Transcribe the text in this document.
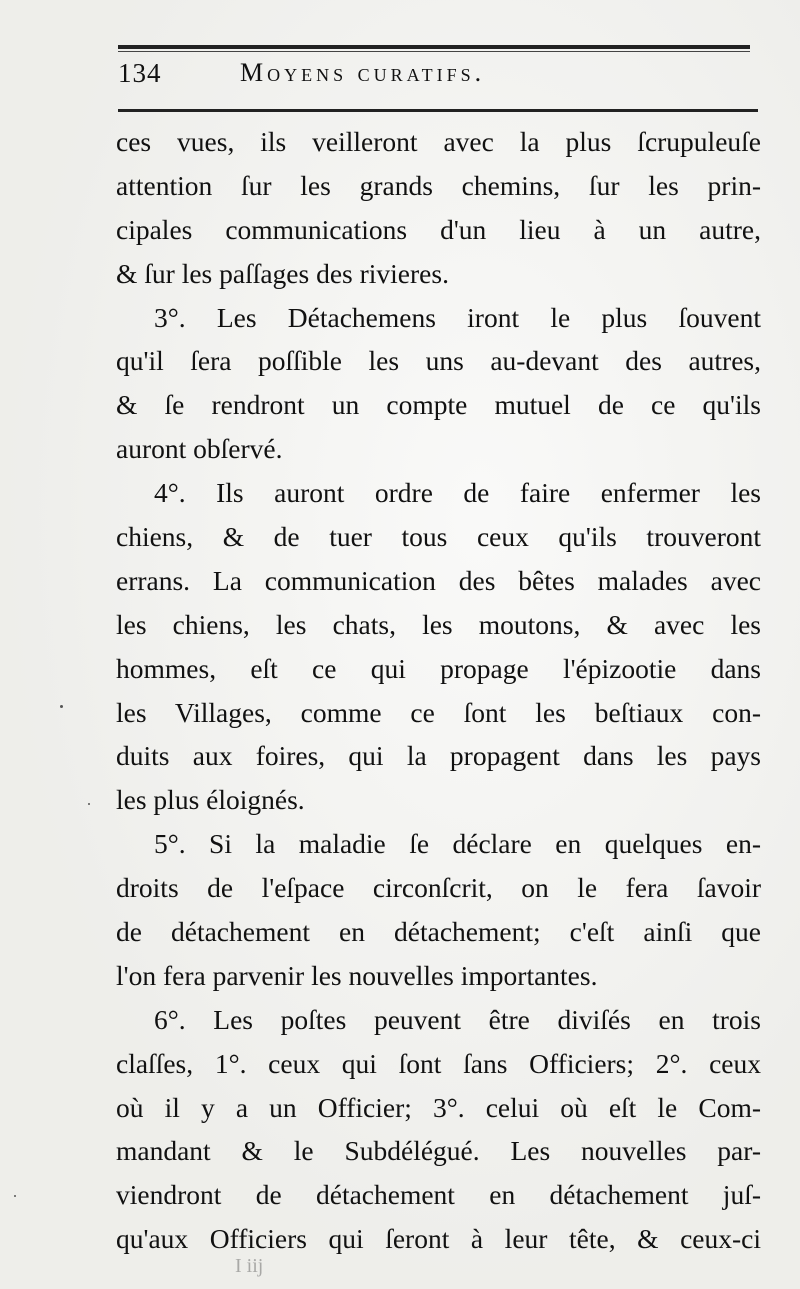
134	Moyens curatifs.
ces vues, ils veilleront avec la plus ſcrupuleuſe
attention ſur les grands chemins, ſur les prin-
cipales communications d'un lieu à un autre,
& ſur les paſſages des rivieres.
3°. Les Détachemens iront le plus ſouvent
qu'il ſera poſſible les uns au-devant des autres,
& ſe rendront un compte mutuel de ce qu'ils
auront obſervé.
4°. Ils auront ordre de faire enfermer les
chiens, & de tuer tous ceux qu'ils trouveront
errans. La communication des bêtes malades avec
les chiens, les chats, les moutons, & avec les
hommes, eſt ce qui propage l'épizootie dans
les Villages, comme ce ſont les beſtiaux con-
duits aux foires, qui la propagent dans les pays
les plus éloignés.
5°. Si la maladie ſe déclare en quelques en-
droits de l'eſpace circonſcrit, on le fera ſavoir
de détachement en détachement; c'eſt ainſi que
l'on fera parvenir les nouvelles importantes.
6°. Les poſtes peuvent être diviſés en trois
claſſes, 1°. ceux qui ſont ſans Officiers; 2°. ceux
où il y a un Officier; 3°. celui où eſt le Com-
mandant & le Subdélégué. Les nouvelles par-
viendront de détachement en détachement juſ-
qu'aux Officiers qui ſeront à leur tête, & ceux-ci
I iij
